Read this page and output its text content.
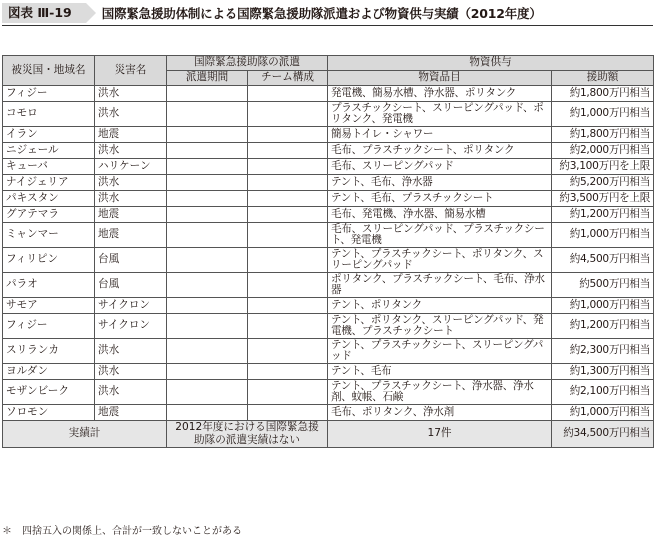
図表 Ⅲ-19	国際緊急援助体制による国際緊急援助隊派遣および物資供与実績（2012年度）
被災国・地域名	災害名	国際緊急援助隊の派遣		物資供与	
		派遣期間	チーム構成	物資品目	援助額
フィジー	洪水			発電機、簡易水槽、浄水器、ポリタンク	約1,800万円相当
コモロ	洪水			プラスチックシート、スリーピングパッド、ポリタンク、発電機	約1,000万円相当
イラン	地震			簡易トイレ・シャワー	約1,800万円相当
ニジェール	洪水			毛布、プラスチックシート、ポリタンク	約2,000万円相当
キューバ	ハリケーン			毛布、スリーピングパッド	約3,100万円を上限
ナイジェリア	洪水			テント、毛布、浄水器	約5,200万円相当
パキスタン	洪水			テント、毛布、プラスチックシート	約3,500万円を上限
グアテマラ	地震			毛布、発電機、浄水器、簡易水槽	約1,200万円相当
ミャンマー	地震			毛布、スリーピングパッド、プラスチックシート、発電機	約1,000万円相当
フィリピン	台風			テント、プラスチックシート、ポリタンク、スリーピングパッド	約4,500万円相当
パラオ	台風			ポリタンク、プラスチックシート、毛布、浄水器	約500万円相当
サモア	サイクロン			テント、ポリタンク	約1,000万円相当
フィジー	サイクロン			テント、ポリタンク、スリーピングパッド、発電機、プラスチックシート	約1,200万円相当
スリランカ	洪水			テント、プラスチックシート、スリーピングパッド	約2,300万円相当
ヨルダン	洪水			テント、毛布	約1,300万円相当
モザンビーク	洪水			テント、プラスチックシート、浄水器、浄水剤、蚊帳、石鹸	約2,100万円相当
ソロモン	地震			毛布、ポリタンク、浄水剤	約1,000万円相当
実績計		2012年度における国際緊急援助隊の派遣実績はない		17件	約34,500万円相当
＊　四捨五入の関係上、合計が一致しないことがある
